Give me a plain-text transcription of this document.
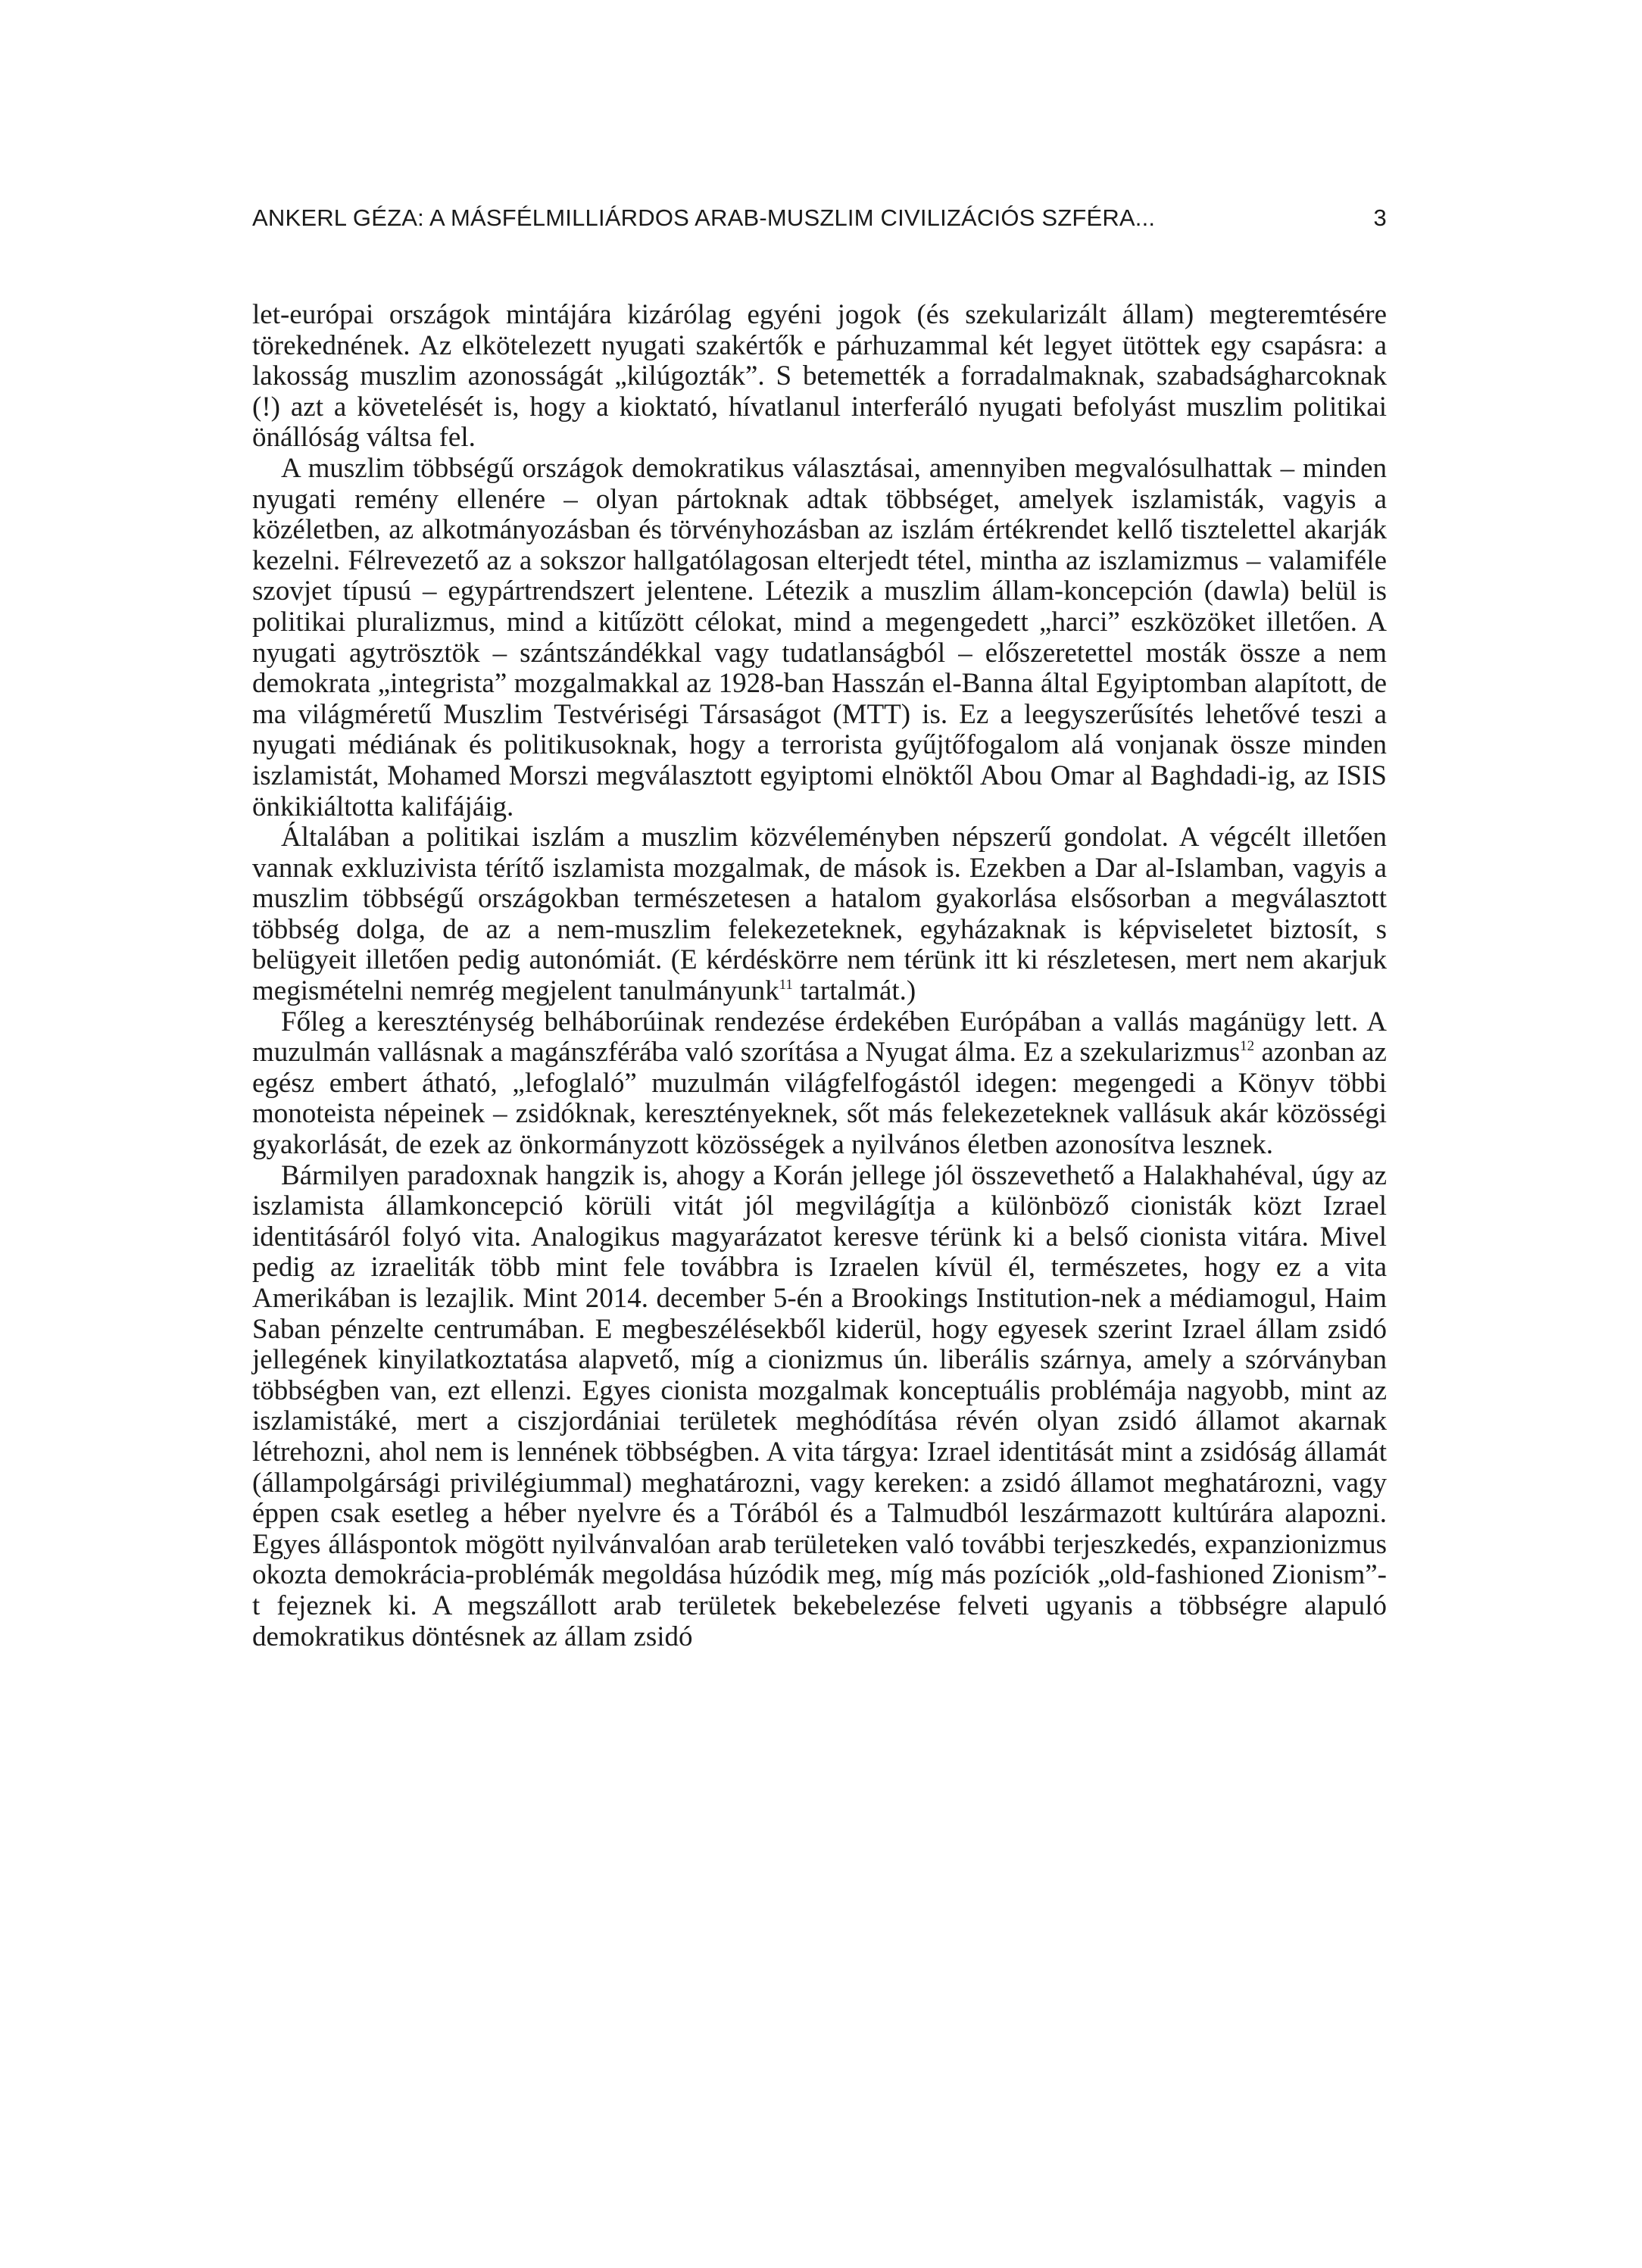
ANKERL GÉZA: A MÁSFÉLMILLIÁRDOS ARAB-MUSZLIM CIVILIZÁCIÓS SZFÉRA...	3

let-európai országok mintájára kizárólag egyéni jogok (és szekularizált állam) megteremtésére törekednének. Az elkötelezett nyugati szakértők e párhuzammal két legyet ütöttek egy csapásra: a lakosság muszlim azonosságát „kilúgozták”. S betemették a forradalmaknak, szabadságharcoknak (!) azt a követelését is, hogy a kioktató, hívatlanul interferáló nyugati befolyást muszlim politikai önállóság váltsa fel.

A muszlim többségű országok demokratikus választásai, amennyiben megvalósulhattak – minden nyugati remény ellenére – olyan pártoknak adtak többséget, amelyek iszlamisták, vagyis a közéletben, az alkotmányozásban és törvényhozásban az iszlám értékrendet kellő tisztelettel akarják kezelni. Félrevezető az a sokszor hallgatólagosan elterjedt tétel, mintha az iszlamizmus – valamiféle szovjet típusú – egypártrendszert jelentene. Létezik a muszlim állam-koncepción (dawla) belül is politikai pluralizmus, mind a kitűzött célokat, mind a megengedett „harci” eszközöket illetően. A nyugati agytrösztök – szántszándékkal vagy tudatlanságból – előszeretettel mosták össze a nem demokrata „integrista” mozgalmakkal az 1928-ban Hasszán el-Banna által Egyiptomban alapított, de ma világméretű Muszlim Testvériségi Társaságot (MTT) is. Ez a leegyszerűsítés lehetővé teszi a nyugati médiának és politikusoknak, hogy a terrorista gyűjtőfogalom alá vonjanak össze minden iszlamistát, Mohamed Morszi megválasztott egyiptomi elnöktől Abou Omar al Baghdadi-ig, az ISIS önkikiáltotta kalifájáig.

Általában a politikai iszlám a muszlim közvéleményben népszerű gondolat. A végcélt illetően vannak exkluzivista térítő iszlamista mozgalmak, de mások is. Ezekben a Dar al-Islamban, vagyis a muszlim többségű országokban természetesen a hatalom gyakorlása elsősorban a megválasztott többség dolga, de az a nem-muszlim felekezeteknek, egyházaknak is képviseletet biztosít, s belügyeit illetően pedig autonómiát. (E kérdéskörre nem térünk itt ki részletesen, mert nem akarjuk megismételni nemrég megjelent tanulmányunk$^{11}$ tartalmát.)

Főleg a kereszténység belháborúinak rendezése érdekében Európában a vallás magánügy lett. A muzulmán vallásnak a magánszférába való szorítása a Nyugat álma. Ez a szekularizmus$^{12}$ azonban az egész embert átható, „lefoglaló” muzulmán világfelfogástól idegen: megengedi a Könyv többi monoteista népeinek – zsidóknak, keresztényeknek, sőt más felekezeteknek vallásuk akár közösségi gyakorlását, de ezek az önkormányzott közösségek a nyilvános életben azonosítva lesznek.

Bármilyen paradoxnak hangzik is, ahogy a Korán jellege jól összevethető a Halakhahéval, úgy az iszlamista államkoncepció körüli vitát jól megvilágítja a különböző cionisták közt Izrael identitásáról folyó vita. Analogikus magyarázatot keresve térünk ki a belső cionista vitára. Mivel pedig az izraeliták több mint fele továbbra is Izraelen kívül él, természetes, hogy ez a vita Amerikában is lezajlik. Mint 2014. december 5-én a Brookings Institution-nek a médiamogul, Haim Saban pénzelte centrumában. E megbeszélésekből kiderül, hogy egyesek szerint Izrael állam zsidó jellegének kinyilatkoztatása alapvető, míg a cionizmus ún. liberális szárnya, amely a szórványban többségben van, ezt ellenzi. Egyes cionista mozgalmak konceptuális problémája nagyobb, mint az iszlamistáké, mert a ciszjordániai területek meghódítása révén olyan zsidó államot akarnak létrehozni, ahol nem is lennének többségben. A vita tárgya: Izrael identitását mint a zsidóság államát (állampolgársági privilégiummal) meghatározni, vagy kereken: a zsidó államot meghatározni, vagy éppen csak esetleg a héber nyelvre és a Tórából és a Talmudból leszármazott kultúrára alapozni. Egyes álláspontok mögött nyilvánvalóan arab területeken való további terjeszkedés, expanzionizmus okozta demokrácia-problémák megoldása húzódik meg, míg más pozíciók „old-fashioned Zionism”-t fejeznek ki. A megszállott arab területek bekebelezése felveti ugyanis a többségre alapuló demokratikus döntésnek az állam zsidó
